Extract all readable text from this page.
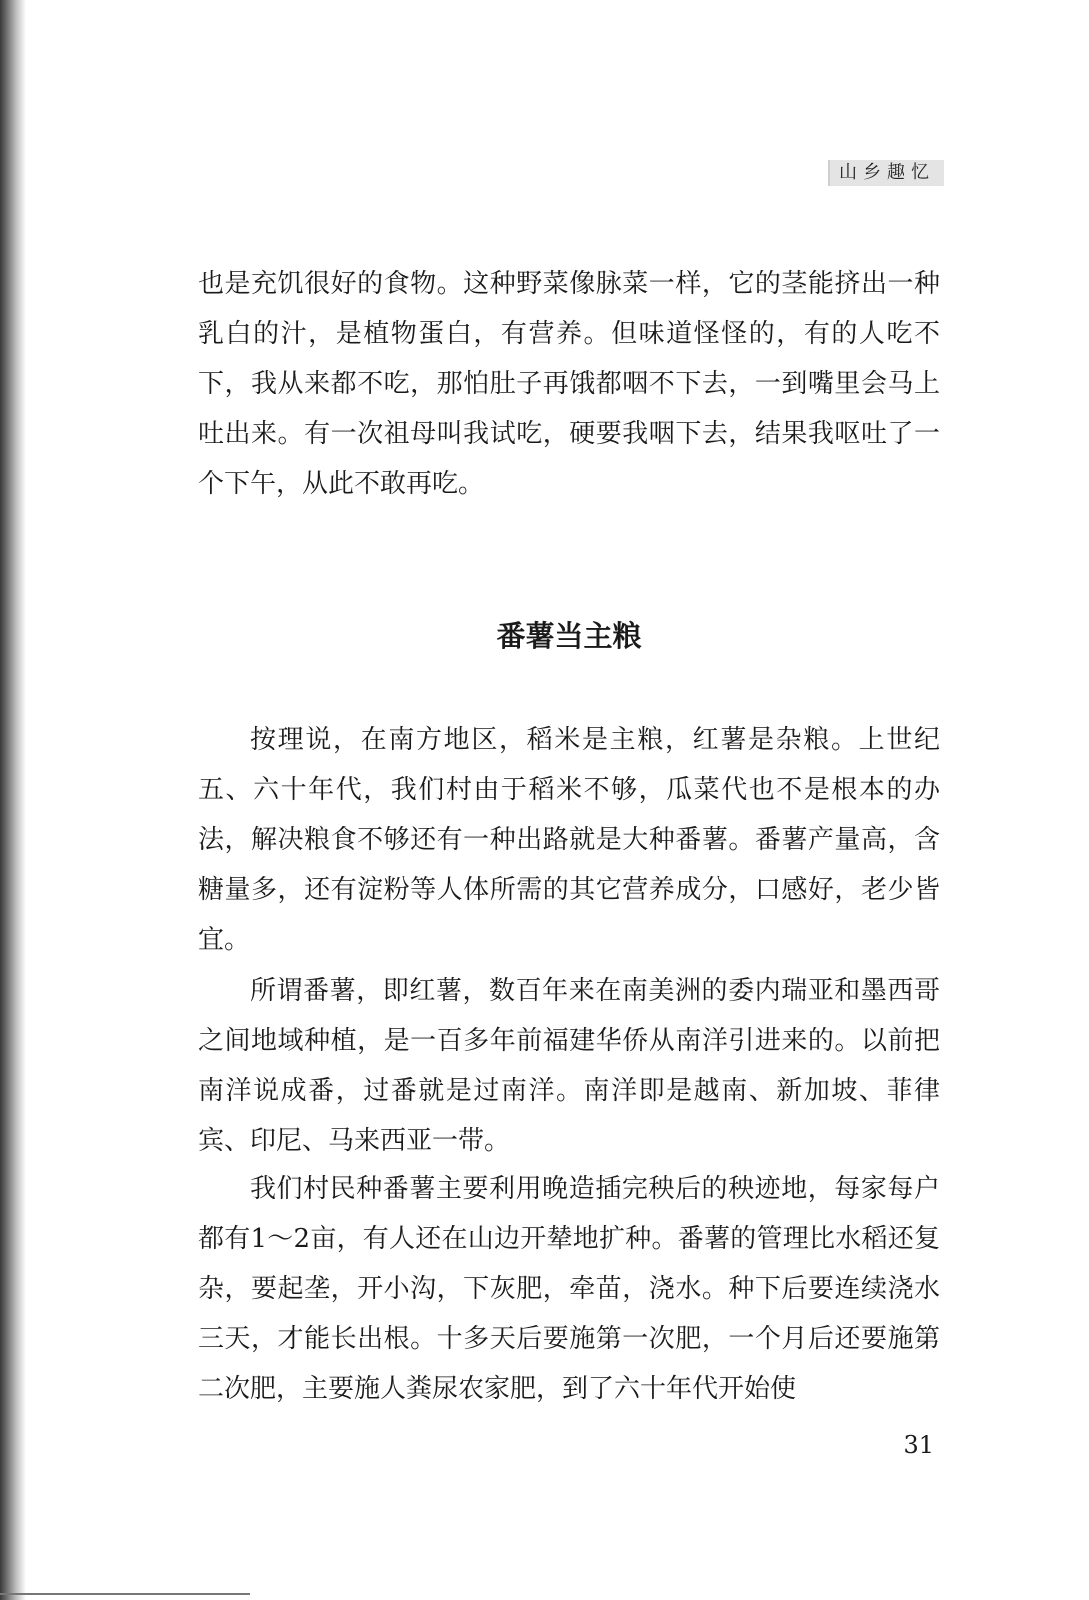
山乡趣忆

也是充饥很好的食物。这种野菜像脉菜一样，它的茎能挤出一种乳白的汁，是植物蛋白，有营养。但味道怪怪的，有的人吃不下，我从来都不吃，那怕肚子再饿都咽不下去，一到嘴里会马上吐出来。有一次祖母叫我试吃，硬要我咽下去，结果我呕吐了一个下午，从此不敢再吃。

番薯当主粮

按理说，在南方地区，稻米是主粮，红薯是杂粮。上世纪五、六十年代，我们村由于稻米不够，瓜菜代也不是根本的办法，解决粮食不够还有一种出路就是大种番薯。番薯产量高，含糖量多，还有淀粉等人体所需的其它营养成分，口感好，老少皆宜。

所谓番薯，即红薯，数百年来在南美洲的委内瑞亚和墨西哥之间地域种植，是一百多年前福建华侨从南洋引进来的。以前把南洋说成番，过番就是过南洋。南洋即是越南、新加坡、菲律宾、印尼、马来西亚一带。

我们村民种番薯主要利用晚造插完秧后的秧迹地，每家每户都有1～2亩，有人还在山边开辇地扩种。番薯的管理比水稻还复杂，要起垄，开小沟，下灰肥，牵苗，浇水。种下后要连续浇水三天，才能长出根。十多天后要施第一次肥，一个月后还要施第二次肥，主要施人粪尿农家肥，到了六十年代开始使

31
